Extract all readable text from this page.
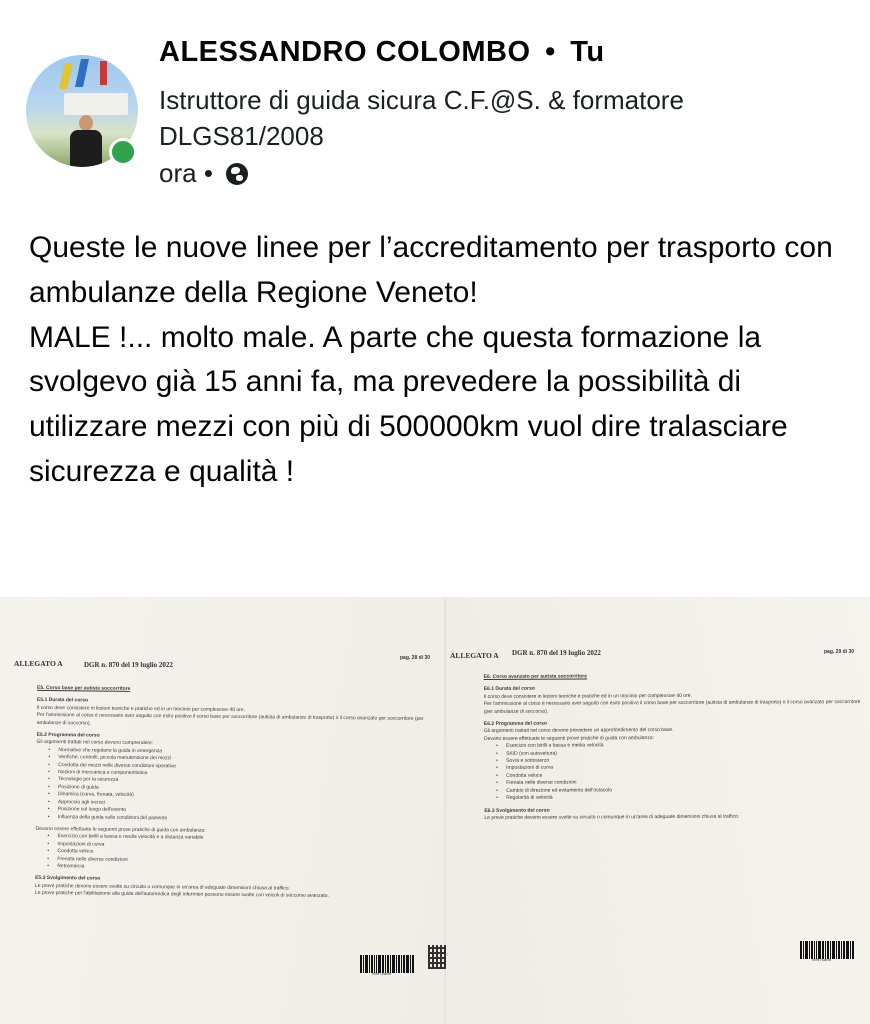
ALESSANDRO COLOMBO • Tu
Istruttore di guida sicura C.F.@S. & formatore DLGS81/2008
ora •
Queste le nuove linee per l’accreditamento per trasporto con ambulanze della Regione Veneto!
MALE !... molto male. A parte che questa formazione la svolgevo già 15 anni fa, ma prevedere la possibilità di utilizzare mezzi con più di 500000km vuol dire tralasciare sicurezza e qualità !
ALLEGATO A	DGR n. 870 del 19 luglio 2022
pag. 28 di 30
E5. Corso base per autista soccorritore
E5.1 Durata del corso
Il corso deve consistere in lezioni teoriche e pratiche ed in un tirocinio per complessive 40 ore.
Per l'ammissione al corso è necessario aver seguito con esito positivo il corso base per soccorritore (autista di ambulanze di trasporto) o il corso avanzato per soccorritore (per ambulanze di soccorso).
E5.2 Programma del corso
Gli argomenti trattati nel corso devono comprendere:
• Normative che regolano la guida in emergenza
• Verifiche, controlli, piccola manutenzione dei mezzi
• Condotta dei mezzi nelle diverse condizioni operative
• Nozioni di meccanica e componentistica
• Tecnologie per la sicurezza
• Posizione di guida
• Dinamica (curva, frenata, velocità)
• Approccio agli incroci
• Posizione sul luogo dell'evento
• Influenza della guida sulle condizioni del paziente
Devono essere effettuate le seguenti prove pratiche di guida con ambulanza:
• Esercizio con birilli a bassa e media velocità e a distanza variabile
• Impostazioni di curva
• Condotta veloce
• Frenata nelle diverse condizioni
• Retromarcia
E5.3 Svolgimento del corso
Le prove pratiche devono essere svolte su circuito o comunque in un'area di adeguate dimensioni chiusa al traffico.
Le prove pratiche per l'abilitazione alla guida dell'automedica degli infermieri possono essere svolte con veicoli di soccorso avanzato.
x0075a00
ALLEGATO A DGR n. 870 del 19 luglio 2022	pag. 29 di 30
E6. Corso avanzato per autista soccorritore
E6.1 Durata del corso
Il corso deve consistere in lezioni teoriche e pratiche ed in un tirocinio per complessive 40 ore.
Per l'ammissione al corso è necessario aver seguito con esito positivo il corso base per soccorritore (autista di ambulanze di trasporto) o il corso avanzato per soccorritore (per ambulanze di soccorso).
E6.2 Programma del corso
Gli argomenti trattati nel corso devono prevedere un approfondimento del corso base.
Devono essere effettuate le seguenti prove pratiche di guida con ambulanza:
• Esercizio con birilli a bassa e media velocità
• SKID (con autovettura)
• Sovra e sottosterzo
• Impostazioni di curva
• Condotta veloce
• Frenata nelle diverse condizioni
• Cambio di direzione ed evitamento dell'ostacolo
• Regolarità di velocità
E6.3 Svolgimento del corso
Le prove pratiche devono essere svolte su circuito o comunque in un'area di adeguate dimensioni chiusa al traffico.
x0075a00
